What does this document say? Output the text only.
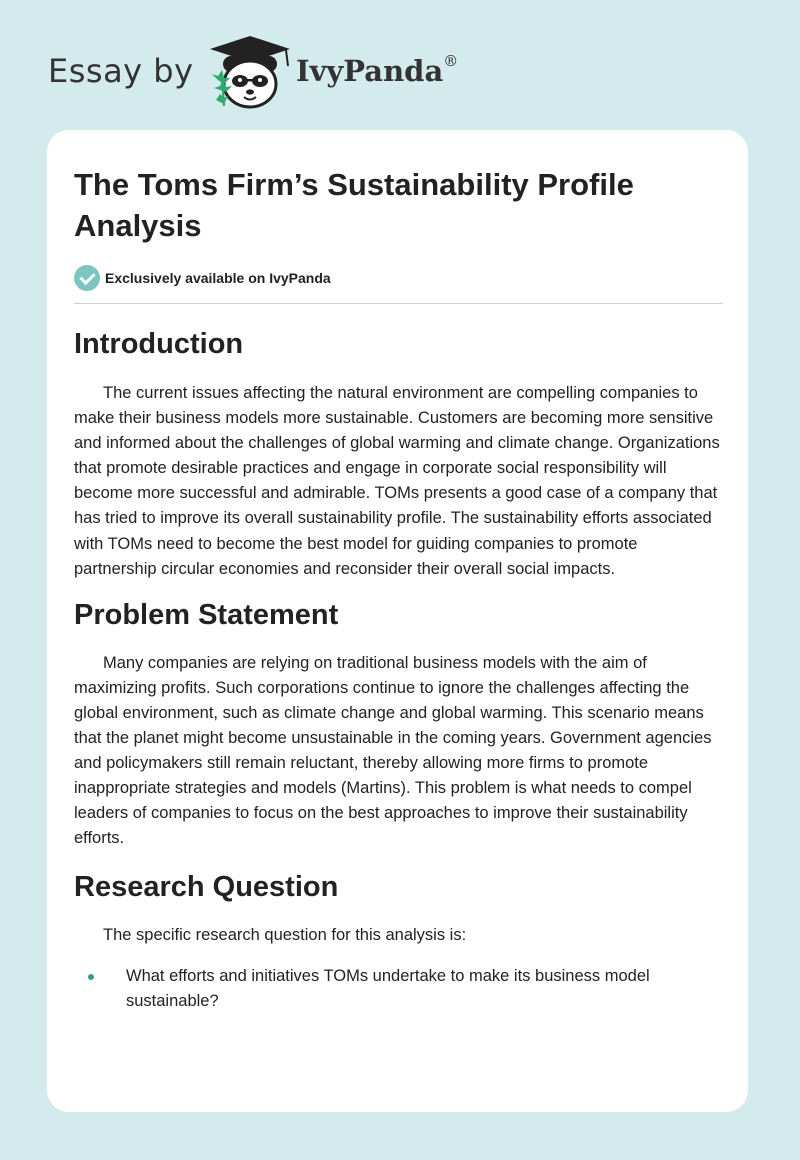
Essay by	IvyPanda®
The Toms Firm’s Sustainability Profile Analysis
Exclusively available on IvyPanda
Introduction

The current issues affecting the natural environment are compelling companies to make their business models more sustainable. Customers are becoming more sensitive and informed about the challenges of global warming and climate change. Organizations that promote desirable practices and engage in corporate social responsibility will become more successful and admirable. TOMs presents a good case of a company that has tried to improve its overall sustainability profile. The sustainability efforts associated with TOMs need to become the best model for guiding companies to promote partnership circular economies and reconsider their overall social impacts.

Problem Statement

Many companies are relying on traditional business models with the aim of maximizing profits. Such corporations continue to ignore the challenges affecting the global environment, such as climate change and global warming. This scenario means that the planet might become unsustainable in the coming years. Government agencies and policymakers still remain reluctant, thereby allowing more firms to promote inappropriate strategies and models (Martins). This problem is what needs to compel leaders of companies to focus on the best approaches to improve their sustainability efforts.

Research Question

The specific research question for this analysis is:

What efforts and initiatives TOMs undertake to make its business model sustainable?
